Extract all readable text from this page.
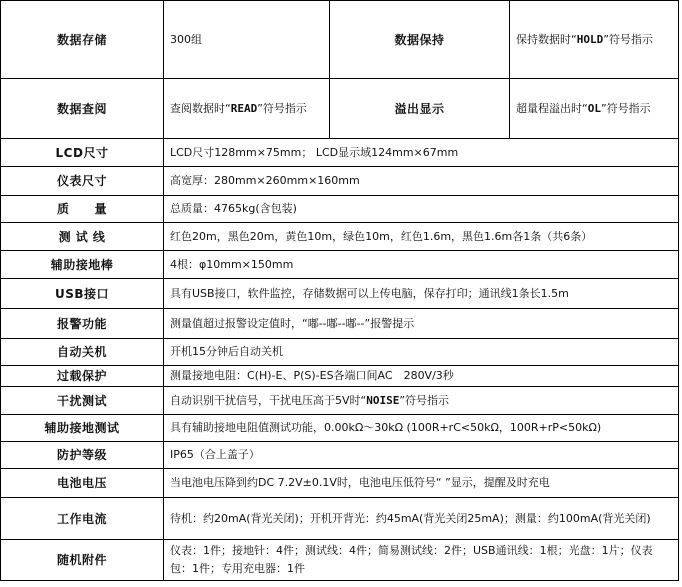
数据存储	300组	数据保持	保持数据时“HOLD”符号指示
数据查阅	查阅数据时“READ”符号指示	溢出显示	超量程溢出时“OL”符号指示
LCD尺寸	LCD尺寸128mm×75mm； LCD显示域124mm×67mm		
仪表尺寸	高宽厚：280mm×260mm×160mm		
质　　量	总质量：4765kg(含包装)		
测 试 线	红色20m，黑色20m，黄色10m，绿色10m，红色1.6m，黑色1.6m各1条（共6条）		
辅助接地棒	4根：φ10mm×150mm		
USB接口	具有USB接口，软件监控，存储数据可以上传电脑，保存打印；通讯线1条长1.5m		
报警功能	测量值超过报警设定值时，“嘟--嘟--嘟--”报警提示		
自动关机	开机15分钟后自动关机		
过载保护	测量接地电阻：C(H)-E、P(S)-ES各端口间AC　280V/3秒		
干扰测试	自动识别干扰信号，干扰电压高于5V时“NOISE”符号指示		
辅助接地测试	具有辅助接地电阻值测试功能，0.00kΩ～30kΩ (100R+rC<50kΩ，100R+rP<50kΩ)		
防护等级	IP65（合上盖子）		
电池电压	当电池电压降到约DC 7.2V±0.1V时，电池电压低符号“ ”显示，提醒及时充电		
工作电流	待机：约20mA(背光关闭)；开机开背光：约45mA(背光关闭25mA)；测量：约100mA(背光关闭)		
随机附件	仪表：1件；接地针：4件；测试线：4件；简易测试线：2件；USB通讯线：1根；光盘：1片；仪表包：1件；专用充电器：1件		
